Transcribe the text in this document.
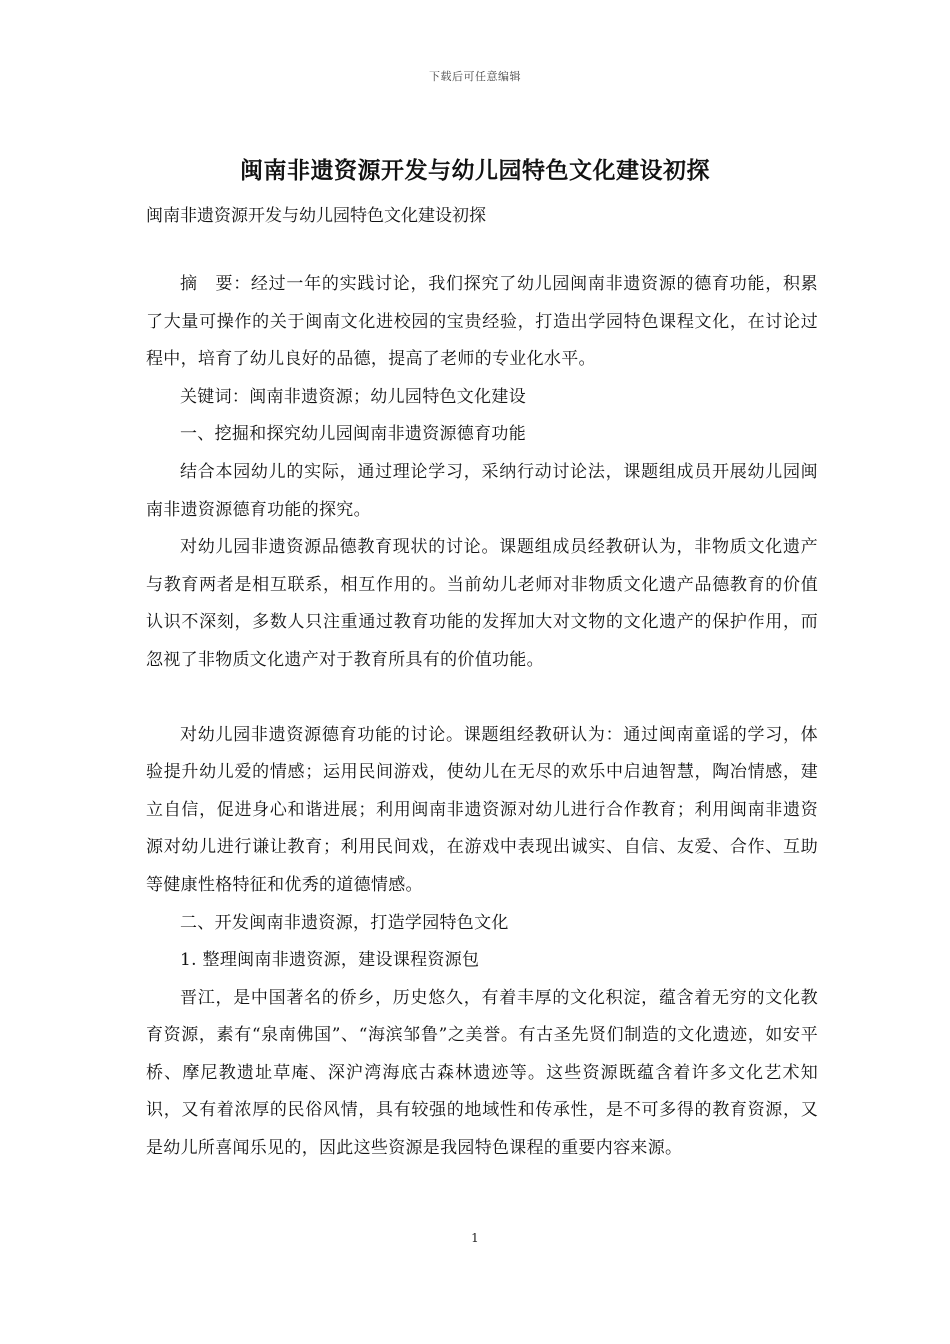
下载后可任意编辑
闽南非遗资源开发与幼儿园特色文化建设初探
闽南非遗资源开发与幼儿园特色文化建设初探

摘　要：经过一年的实践讨论，我们探究了幼儿园闽南非遗资源的德育功能，积累了大量可操作的关于闽南文化进校园的宝贵经验，打造出学园特色课程文化，在讨论过程中，培育了幼儿良好的品德，提高了老师的专业化水平。

关键词：闽南非遗资源；幼儿园特色文化建设

一、挖掘和探究幼儿园闽南非遗资源德育功能

结合本园幼儿的实际，通过理论学习，采纳行动讨论法，课题组成员开展幼儿园闽南非遗资源德育功能的探究。

对幼儿园非遗资源品德教育现状的讨论。课题组成员经教研认为，非物质文化遗产与教育两者是相互联系，相互作用的。当前幼儿老师对非物质文化遗产品德教育的价值认识不深刻，多数人只注重通过教育功能的发挥加大对文物的文化遗产的保护作用，而忽视了非物质文化遗产对于教育所具有的价值功能。

对幼儿园非遗资源德育功能的讨论。课题组经教研认为：通过闽南童谣的学习，体验提升幼儿爱的情感；运用民间游戏，使幼儿在无尽的欢乐中启迪智慧，陶冶情感，建立自信，促进身心和谐进展；利用闽南非遗资源对幼儿进行合作教育；利用闽南非遗资源对幼儿进行谦让教育；利用民间戏，在游戏中表现出诚实、自信、友爱、合作、互助等健康性格特征和优秀的道德情感。

二、开发闽南非遗资源，打造学园特色文化

1. 整理闽南非遗资源，建设课程资源包

晋江，是中国著名的侨乡，历史悠久，有着丰厚的文化积淀，蕴含着无穷的文化教育资源，素有“泉南佛国”、“海滨邹鲁”之美誉。有古圣先贤们制造的文化遗迹，如安平桥、摩尼教遗址草庵、深沪湾海底古森林遗迹等。这些资源既蕴含着许多文化艺术知识，又有着浓厚的民俗风情，具有较强的地域性和传承性，是不可多得的教育资源，又是幼儿所喜闻乐见的，因此这些资源是我园特色课程的重要内容来源。

1
